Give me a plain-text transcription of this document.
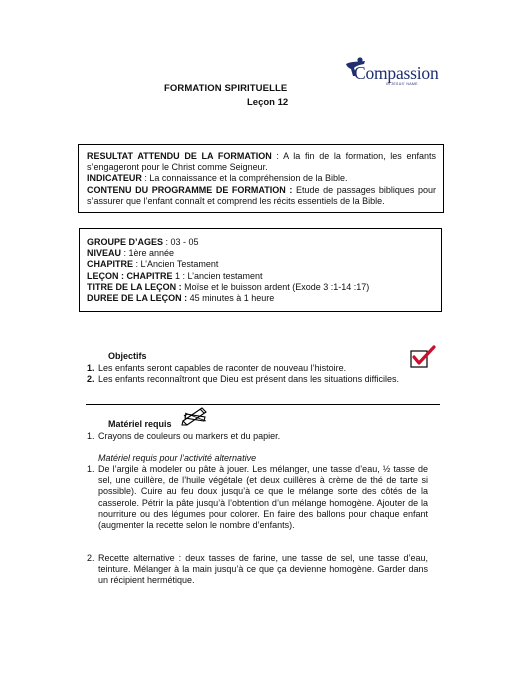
FORMATION SPIRITUELLE
Leçon 12
Compassion
IN JESUS' NAME

RESULTAT ATTENDU DE LA FORMATION : A la fin de la formation, les enfants s’engageront pour le Christ comme Seigneur.

INDICATEUR : La connaissance et la compréhension de la Bible.

CONTENU DU PROGRAMME DE FORMATION : Etude de passages bibliques pour s’assurer que l’enfant connaît et comprend les récits essentiels de la Bible.

GROUPE D’AGES : 03 - 05

NIVEAU : 1ère année

CHAPITRE : L’Ancien Testament

LEÇON : CHAPITRE 1 : L’ancien testament

TITRE DE LA LEÇON : Moïse et le buisson ardent (Exode 3 :1-14 :17)

DUREE DE LA LEÇON : 45 minutes à 1 heure

Objectifs
1. Les enfants seront capables de raconter de nouveau l’histoire.
2. Les enfants reconnaîtront que Dieu est présent dans les situations difficiles.
Matériel requis
1. Crayons de couleurs ou markers et du papier.
Matériel requis pour l’activité alternative
1. De l’argile à modeler ou pâte à jouer. Les mélanger, une tasse d’eau, ½ tasse de sel, une cuillère, de l’huile végétale (et deux cuillères à crème de thé de tarte si possible). Cuire au feu doux jusqu’à ce que le mélange sorte des côtés de la casserole. Pétrir la pâte jusqu’à l’obtention d’un mélange homogène. Ajouter de la nourriture ou des légumes pour colorer. En faire des ballons pour chaque enfant (augmenter la recette selon le nombre d’enfants).
2. Recette alternative : deux tasses de farine, une tasse de sel, une tasse d’eau, teinture. Mélanger à la main jusqu’à ce que ça devienne homogène. Garder dans un récipient hermétique.
